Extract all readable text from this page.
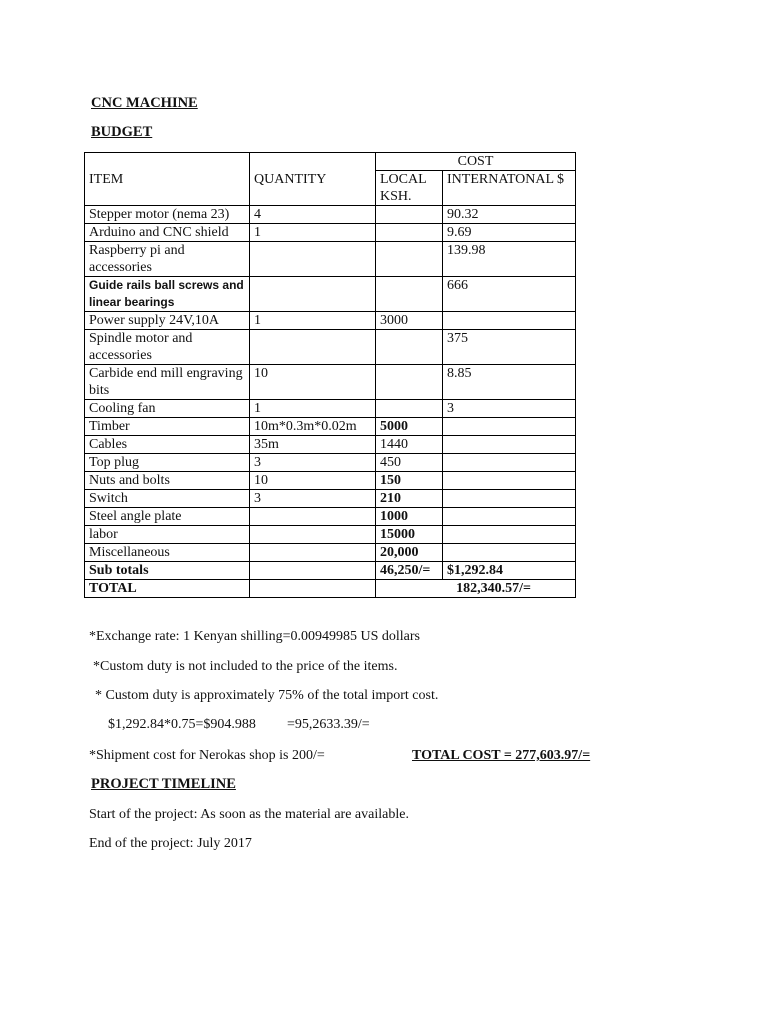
CNC MACHINE
BUDGET
ITEM	QUANTITY	COST	
		LOCAL KSH.	INTERNATONAL $
Stepper motor (nema 23)	4		90.32
Arduino and CNC shield	1		9.69
Raspberry pi and accessories			139.98
Guide rails ball screws and linear bearings			666
Power supply 24V,10A	1	3000	
Spindle motor and accessories			375
Carbide end mill engraving bits	10		8.85
Cooling fan	1		3
Timber	10m*0.3m*0.02m	5000	
Cables	35m	1440	
Top plug	3	450	
Nuts and bolts	10	150	
Switch	3	210	
Steel angle plate		1000	
labor		15000	
Miscellaneous		20,000	
Sub totals		46,250/=	$1,292.84
TOTAL		182,340.57/=	
*Exchange rate: 1 Kenyan shilling=0.00949985 US dollars
*Custom duty is not included to the price of the items.
* Custom duty is approximately 75% of the total import cost.
$1,292.84*0.75=$904.988 =95,2633.39/=
*Shipment cost for Nerokas shop is 200/=	TOTAL COST = 277,603.97/=
PROJECT TIMELINE
Start of the project: As soon as the material are available.
End of the project: July 2017
